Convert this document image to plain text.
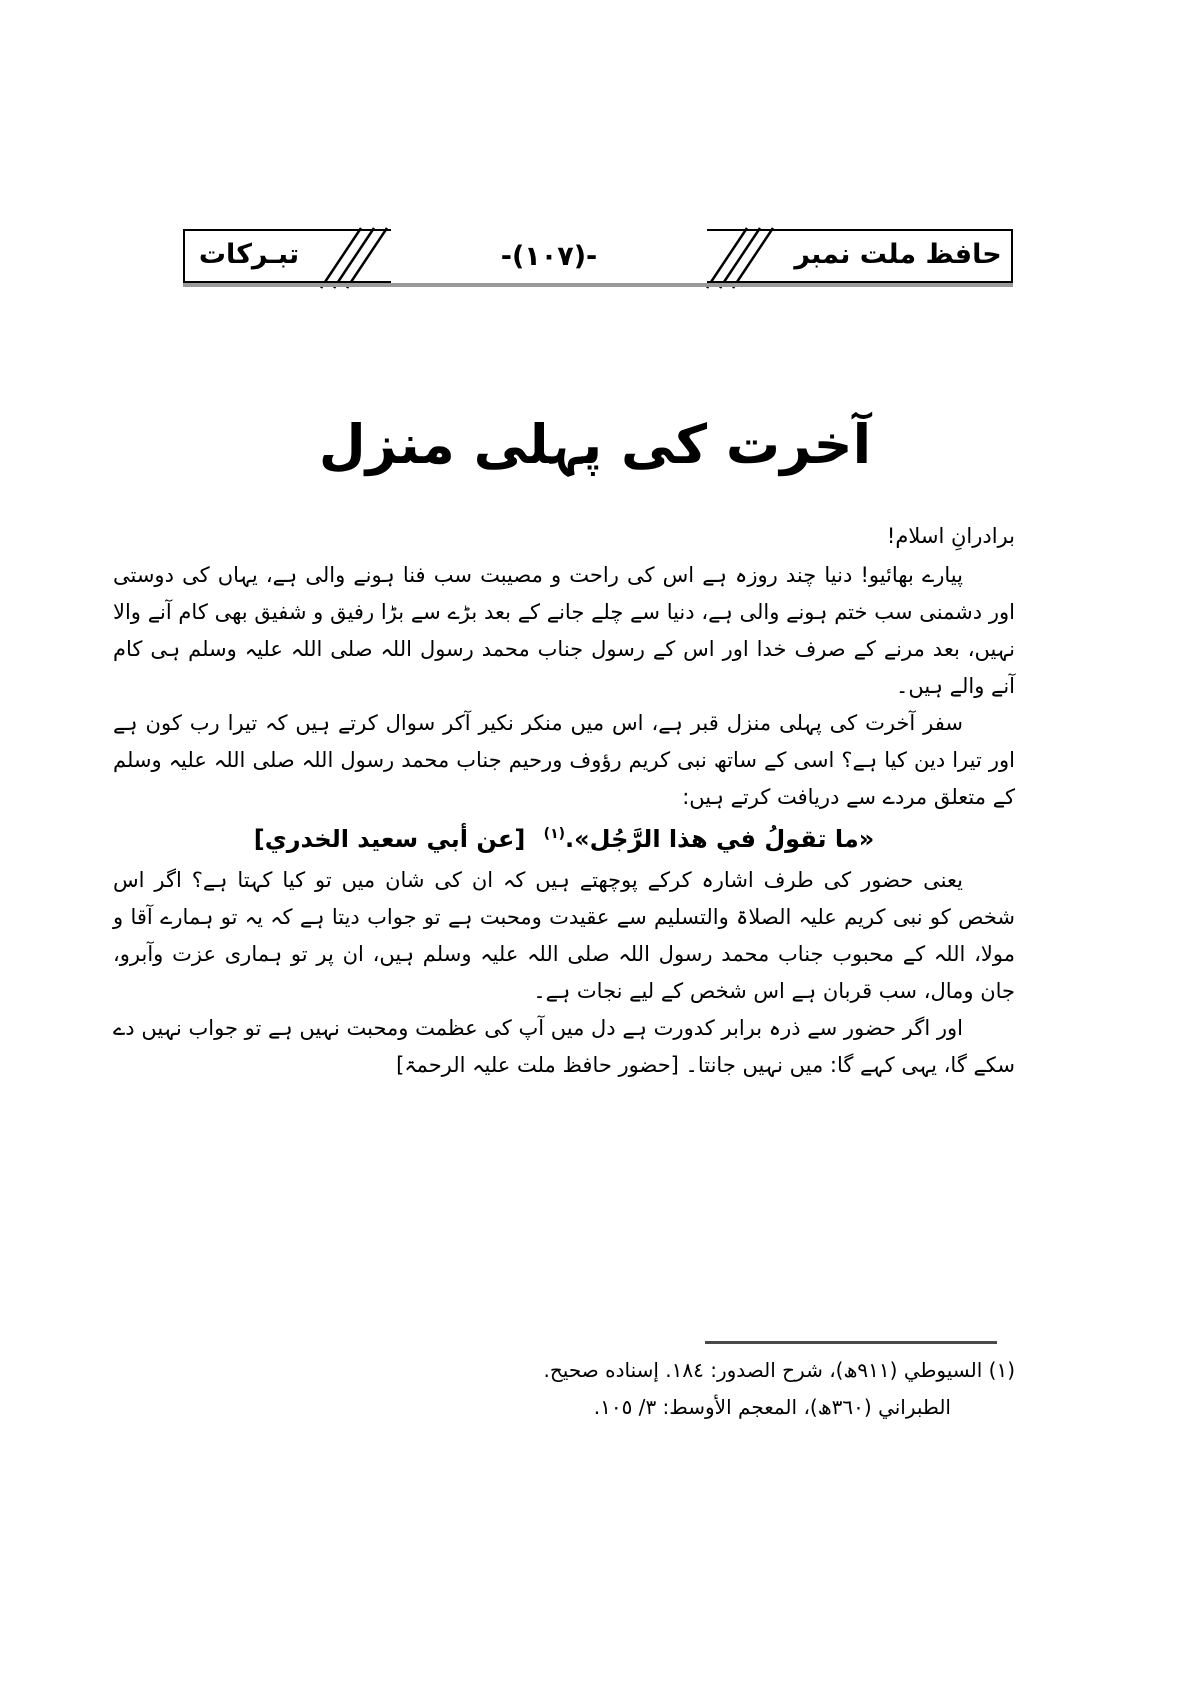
تبـرکات	-(۱۰۷)-	حافظ ملت نمبر
آخرت کی پہلی منزل

برادرانِ اسلام!

پیارے بھائیو! دنیا چند روزہ ہے اس کی راحت و مصیبت سب فنا ہونے والی ہے، یہاں کی دوستی اور دشمنی سب ختم ہونے والی ہے، دنیا سے چلے جانے کے بعد بڑے سے بڑا رفیق و شفیق بھی کام آنے والا نہیں، بعد مرنے کے صرف خدا اور اس کے رسول جناب محمد رسول اللہ صلی اللہ علیہ وسلم ہی کام آنے والے ہیں۔

سفر آخرت کی پہلی منزل قبر ہے، اس میں منکر نکیر آکر سوال کرتے ہیں کہ تیرا رب کون ہے اور تیرا دین کیا ہے؟ اسی کے ساتھ نبی کریم رؤوف ورحیم جناب محمد رسول اللہ صلی اللہ علیہ وسلم کے متعلق مردے سے دریافت کرتے ہیں:

«ما تقولُ في هذا الرَّجُل».$^{(١)}$ [عن أبي سعيد الخدري]

یعنی حضور کی طرف اشارہ کرکے پوچھتے ہیں کہ ان کی شان میں تو کیا کہتا ہے؟ اگر اس شخص کو نبی کریم علیہ الصلاۃ والتسلیم سے عقیدت ومحبت ہے تو جواب دیتا ہے کہ یہ تو ہمارے آقا و مولا، اللہ کے محبوب جناب محمد رسول اللہ صلی اللہ علیہ وسلم ہیں، ان پر تو ہماری عزت وآبرو، جان ومال، سب قربان ہے اس شخص کے لیے نجات ہے۔

اور اگر حضور سے ذرہ برابر کدورت ہے دل میں آپ کی عظمت ومحبت نہیں ہے تو جواب نہیں دے سکے گا، یہی کہے گا: میں نہیں جانتا۔ [حضور حافظ ملت علیہ الرحمۃ]

(١) السيوطي (٩١١ھ)، شرح الصدور: ١٨٤. إسناده صحيح.

الطبراني (٣٦٠ھ)، المعجم الأوسط: ٣/ ١٠٥.
